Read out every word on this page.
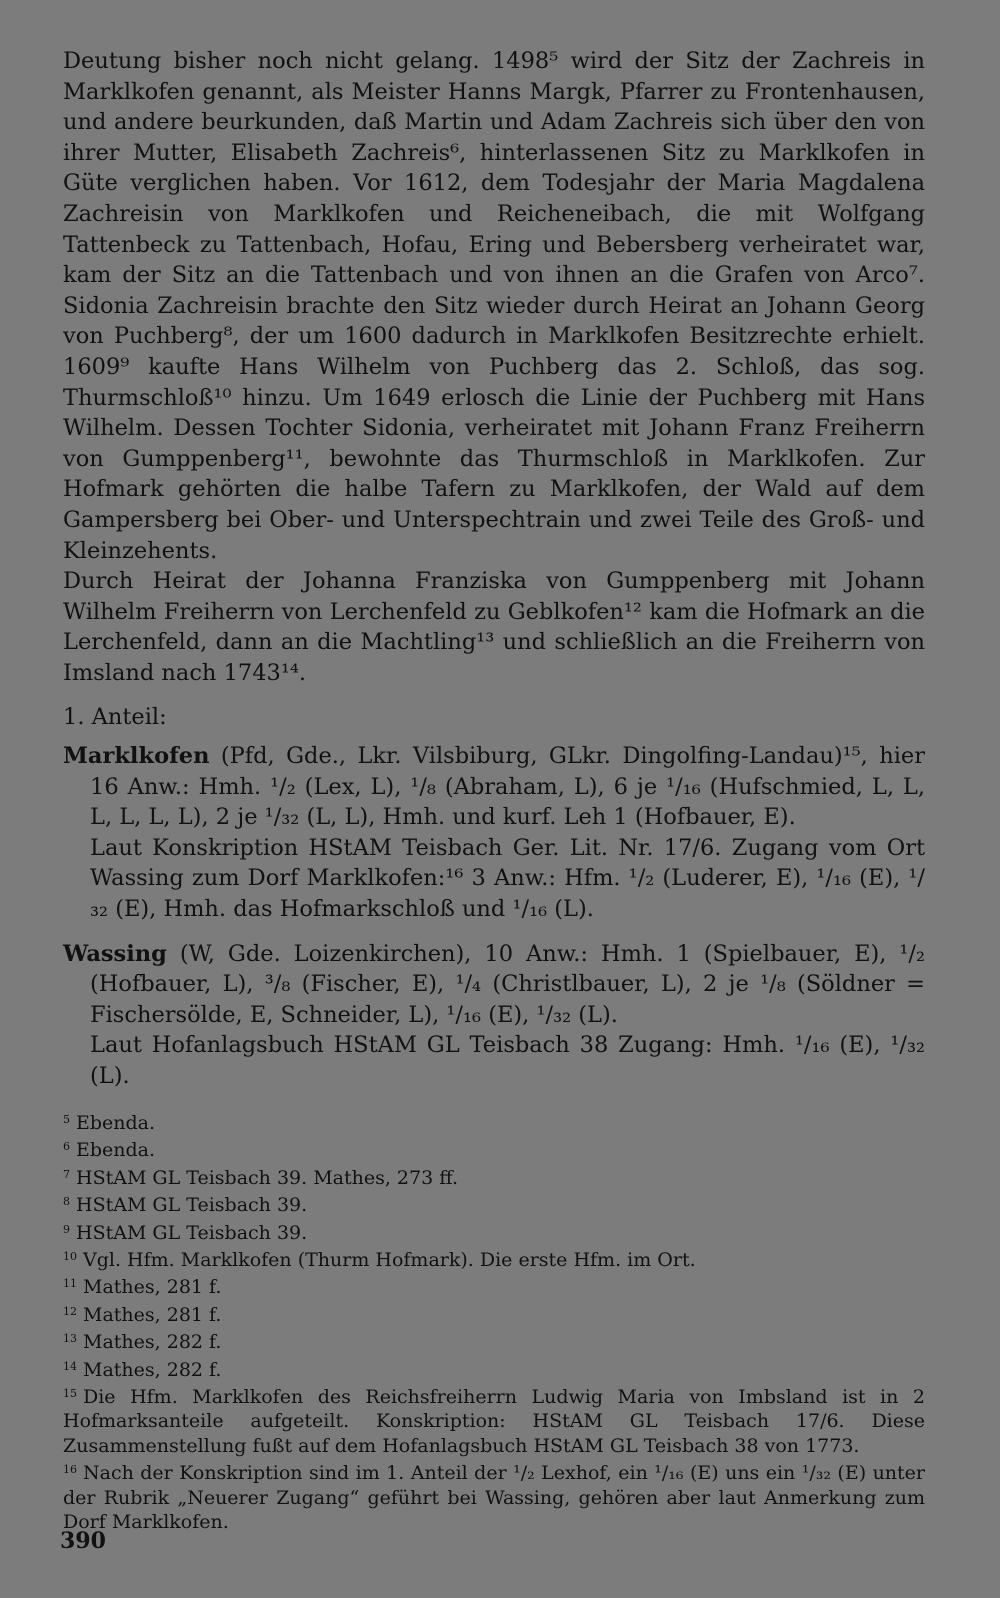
Deutung bisher noch nicht gelang. 1498⁵ wird der Sitz der Zachreis in Marklkofen genannt, als Meister Hanns Margk, Pfarrer zu Frontenhausen, und andere beurkunden, daß Martin und Adam Zachreis sich über den von ihrer Mutter, Elisabeth Zachreis⁶, hinterlassenen Sitz zu Marklkofen in Güte verglichen haben. Vor 1612, dem Todesjahr der Maria Magdalena Zachreisin von Marklkofen und Reicheneibach, die mit Wolfgang Tattenbeck zu Tattenbach, Hofau, Ering und Bebersberg verheiratet war, kam der Sitz an die Tattenbach und von ihnen an die Grafen von Arco⁷. Sidonia Zachreisin brachte den Sitz wieder durch Heirat an Johann Georg von Puchberg⁸, der um 1600 dadurch in Marklkofen Besitzrechte erhielt. 1609⁹ kaufte Hans Wilhelm von Puchberg das 2. Schloß, das sog. Thurmschloß¹⁰ hinzu. Um 1649 erlosch die Linie der Puchberg mit Hans Wilhelm. Dessen Tochter Sidonia, verheiratet mit Johann Franz Freiherrn von Gumppenberg¹¹, bewohnte das Thurmschloß in Marklkofen. Zur Hofmark gehörten die halbe Tafern zu Marklkofen, der Wald auf dem Gampersberg bei Ober- und Unterspechtrain und zwei Teile des Groß- und Kleinzehents.

Durch Heirat der Johanna Franziska von Gumppenberg mit Johann Wilhelm Freiherrn von Lerchenfeld zu Geblkofen¹² kam die Hofmark an die Lerchenfeld, dann an die Machtling¹³ und schließlich an die Freiherrn von Imsland nach 1743¹⁴.

1. Anteil:

Marklkofen (Pfd, Gde., Lkr. Vilsbiburg, GLkr. Dingolfing-Landau)¹⁵, hier 16 Anw.: Hmh. ¹/₂ (Lex, L), ¹/₈ (Abraham, L), 6 je ¹/₁₆ (Hufschmied, L, L, L, L, L, L), 2 je ¹/₃₂ (L, L), Hmh. und kurf. Leh 1 (Hofbauer, E).

Laut Konskription HStAM Teisbach Ger. Lit. Nr. 17/6. Zugang vom Ort Wassing zum Dorf Marklkofen:¹⁶ 3 Anw.: Hfm. ¹/₂ (Luderer, E), ¹/₁₆ (E), ¹/₃₂ (E), Hmh. das Hofmarkschloß und ¹/₁₆ (L).

Wassing (W, Gde. Loizenkirchen), 10 Anw.: Hmh. 1 (Spielbauer, E), ¹/₂ (Hofbauer, L), ³/₈ (Fischer, E), ¹/₄ (Christlbauer, L), 2 je ¹/₈ (Söldner = Fischersölde, E, Schneider, L), ¹/₁₆ (E), ¹/₃₂ (L).

Laut Hofanlagsbuch HStAM GL Teisbach 38 Zugang: Hmh. ¹/₁₆ (E), ¹/₃₂ (L).

$^5$ Ebenda.

$^6$ Ebenda.

$^7$ HStAM GL Teisbach 39. Mathes, 273 ff.

$^8$ HStAM GL Teisbach 39.

$^9$ HStAM GL Teisbach 39.

$^{10}$ Vgl. Hfm. Marklkofen (Thurm Hofmark). Die erste Hfm. im Ort.

$^{11}$ Mathes, 281 f.

$^{12}$ Mathes, 281 f.

$^{13}$ Mathes, 282 f.

$^{14}$ Mathes, 282 f.

$^{15}$ Die Hfm. Marklkofen des Reichsfreiherrn Ludwig Maria von Imbsland ist in 2 Hofmarksanteile aufgeteilt. Konskription: HStAM GL Teisbach 17/6. Diese Zusammenstellung fußt auf dem Hofanlagsbuch HStAM GL Teisbach 38 von 1773.

$^{16}$ Nach der Konskription sind im 1. Anteil der ¹/₂ Lexhof, ein ¹/₁₆ (E) uns ein ¹/₃₂ (E) unter der Rubrik „Neuerer Zugang“ geführt bei Wassing, gehören aber laut Anmerkung zum Dorf Marklkofen.

390
